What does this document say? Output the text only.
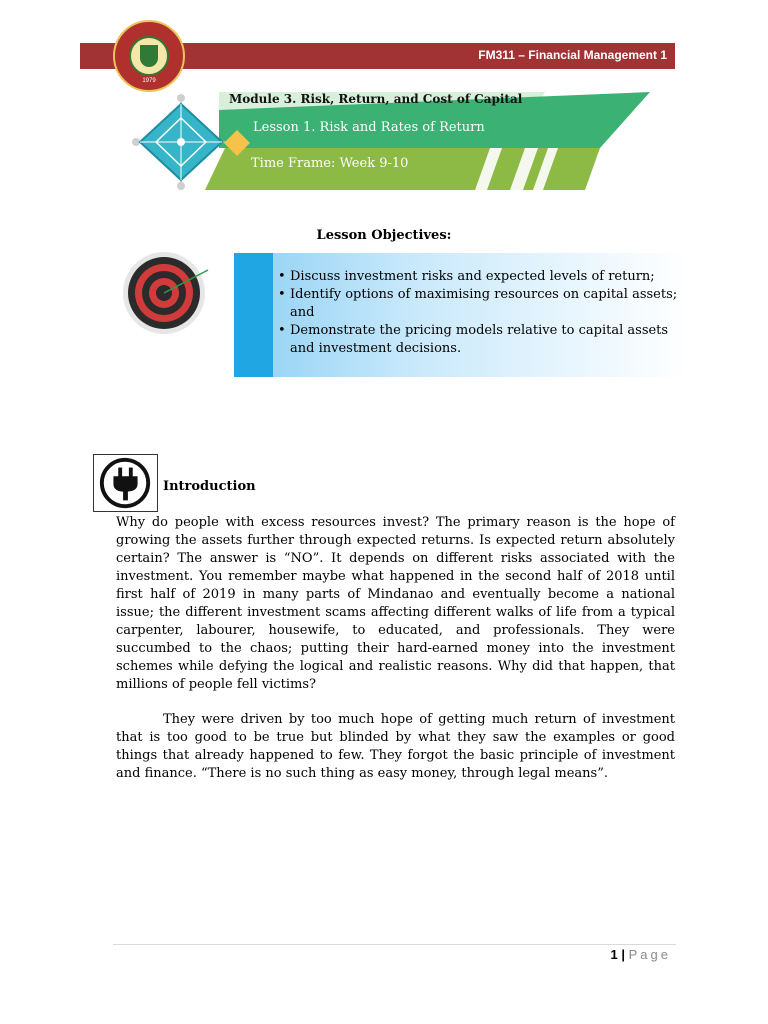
FM311 – Financial Management 1
1979
Module 3. Risk, Return, and Cost of Capital
Lesson 1. Risk and Rates of Return
Time Frame: Week 9-10
Lesson Objectives:
• Discuss investment risks and expected levels of return;
• Identify options of maximising resources on capital assets; and
• Demonstrate the pricing models relative to capital assets and investment decisions.
Introduction

Why do people with excess resources invest? The primary reason is the hope of growing the assets further through expected returns. Is expected return absolutely certain? The answer is “NO”. It depends on different risks associated with the investment. You remember maybe what happened in the second half of 2018 until first half of 2019 in many parts of Mindanao and eventually become a national issue; the different investment scams affecting different walks of life from a typical carpenter, labourer, housewife, to educated, and professionals. They were succumbed to the chaos; putting their hard-earned money into the investment schemes while defying the logical and realistic reasons. Why did that happen, that millions of people fell victims?

They were driven by too much hope of getting much return of investment that is too good to be true but blinded by what they saw the examples or good things that already happened to few. They forgot the basic principle of investment and finance. “There is no such thing as easy money, through legal means”.

1 | Page
